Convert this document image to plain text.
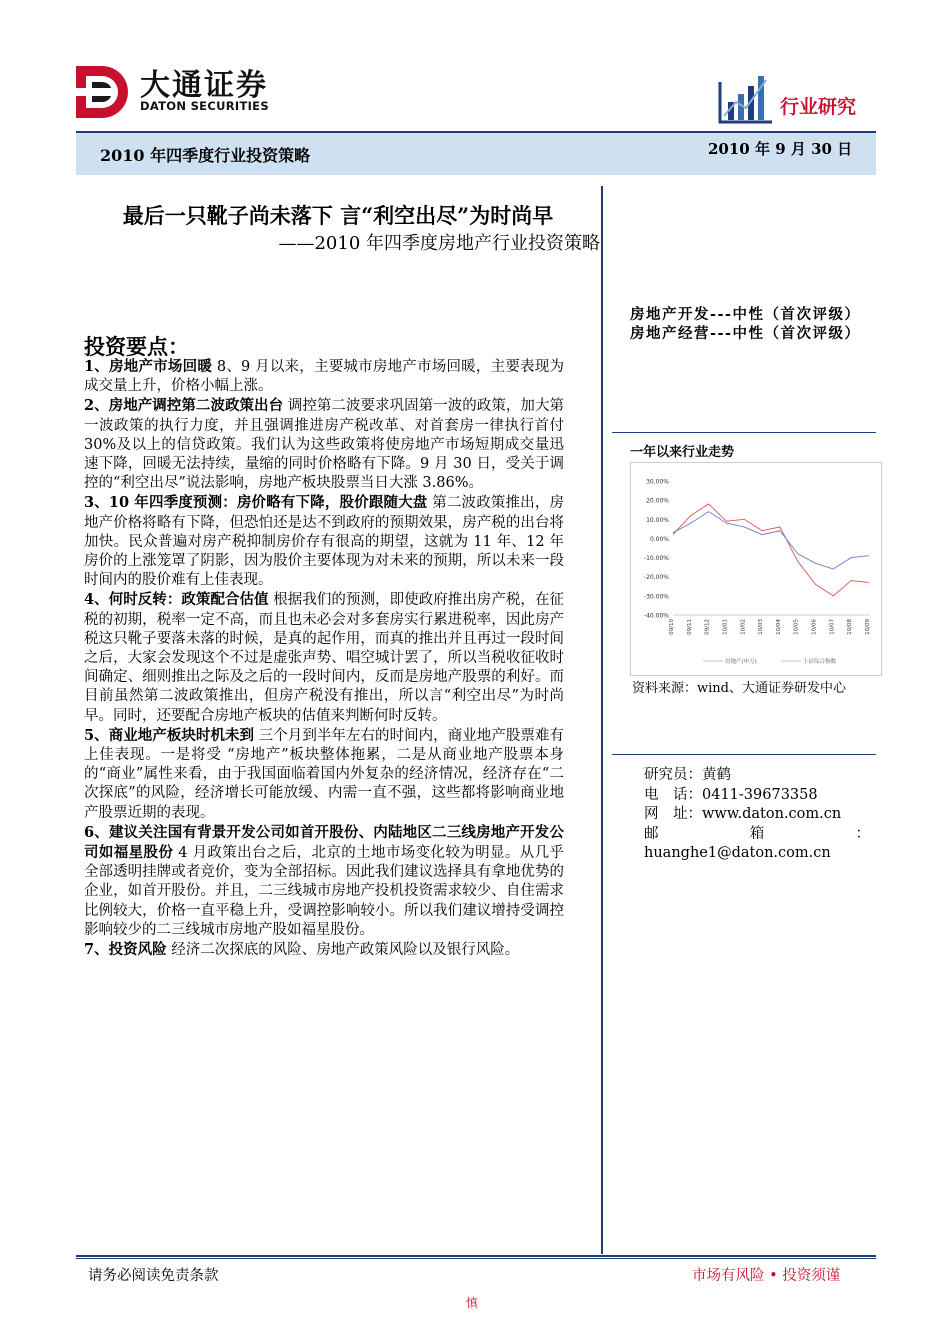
大通证券
DATON SECURITIES	行业研究
2010 年四季度行业投资策略	2010 年 9 月 30 日
最后一只靴子尚未落下 言“利空出尽”为时尚早
——2010 年四季度房地产行业投资策略
投资要点：

1、房地产市场回暖 8、9 月以来，主要城市房地产市场回暖，主要表现为成交量上升，价格小幅上涨。

2、房地产调控第二波政策出台 调控第二波要求巩固第一波的政策，加大第一波政策的执行力度，并且强调推进房产税改革、对首套房一律执行首付 30%及以上的信贷政策。我们认为这些政策将使房地产市场短期成交量迅速下降，回暖无法持续，量缩的同时价格略有下降。9 月 30 日，受关于调控的“利空出尽”说法影响，房地产板块股票当日大涨 3.86%。

3、10 年四季度预测：房价略有下降，股价跟随大盘 第二波政策推出，房地产价格将略有下降，但恐怕还是达不到政府的预期效果，房产税的出台将加快。民众普遍对房产税抑制房价存有很高的期望，这就为 11 年、12 年房价的上涨笼罩了阴影，因为股价主要体现为对未来的预期，所以未来一段时间内的股价难有上佳表现。

4、何时反转：政策配合估值 根据我们的预测，即使政府推出房产税，在征税的初期，税率一定不高，而且也未必会对多套房实行累进税率，因此房产税这只靴子要落未落的时候，是真的起作用，而真的推出并且再过一段时间之后，大家会发现这个不过是虚张声势、唱空城计罢了，所以当税收征收时间确定、细则推出之际及之后的一段时间内，反而是房地产股票的利好。而目前虽然第二波政策推出，但房产税没有推出，所以言“利空出尽”为时尚早。同时，还要配合房地产板块的估值来判断何时反转。

5、商业地产板块时机未到 三个月到半年左右的时间内，商业地产股票难有上佳表现。一是将受 “房地产”板块整体拖累，二是从商业地产股票本身的“商业”属性来看，由于我国面临着国内外复杂的经济情况，经济存在“二次探底”的风险，经济增长可能放缓、内需一直不强，这些都将影响商业地产股票近期的表现。

6、建议关注国有背景开发公司如首开股份、内陆地区二三线房地产开发公司如福星股份 4 月政策出台之后，北京的土地市场变化较为明显。从几乎全部透明挂牌或者竞价，变为全部招标。因此我们建议选择具有拿地优势的企业，如首开股份。并且，二三线城市房地产投机投资需求较少、自住需求比例较大，价格一直平稳上升，受调控影响较小。所以我们建议增持受调控影响较少的二三线城市房地产股如福星股份。

7、投资风险 经济二次探底的风险、房地产政策风险以及银行风险。

房地产开发---中性（首次评级）
房地产经营---中性（首次评级）
一年以来行业走势
30.00%
20.00%
10.00%
0.00%
-10.00%
-20.00%
-30.00%
-40.00%
09/10 09/11 09/12 10/01 10/02 10/03 10/04 10/05 10/06 10/07 10/08 10/09
房地产(申万)	上证综合指数
资料来源：wind、大通证券研发中心
研究员：黄鹤
电　话：0411-39673358
网　址：www.daton.com.cn
邮	箱	：
huanghe1@daton.com.cn
请务必阅读免责条款	市场有风险 • 投资须谨
慎
